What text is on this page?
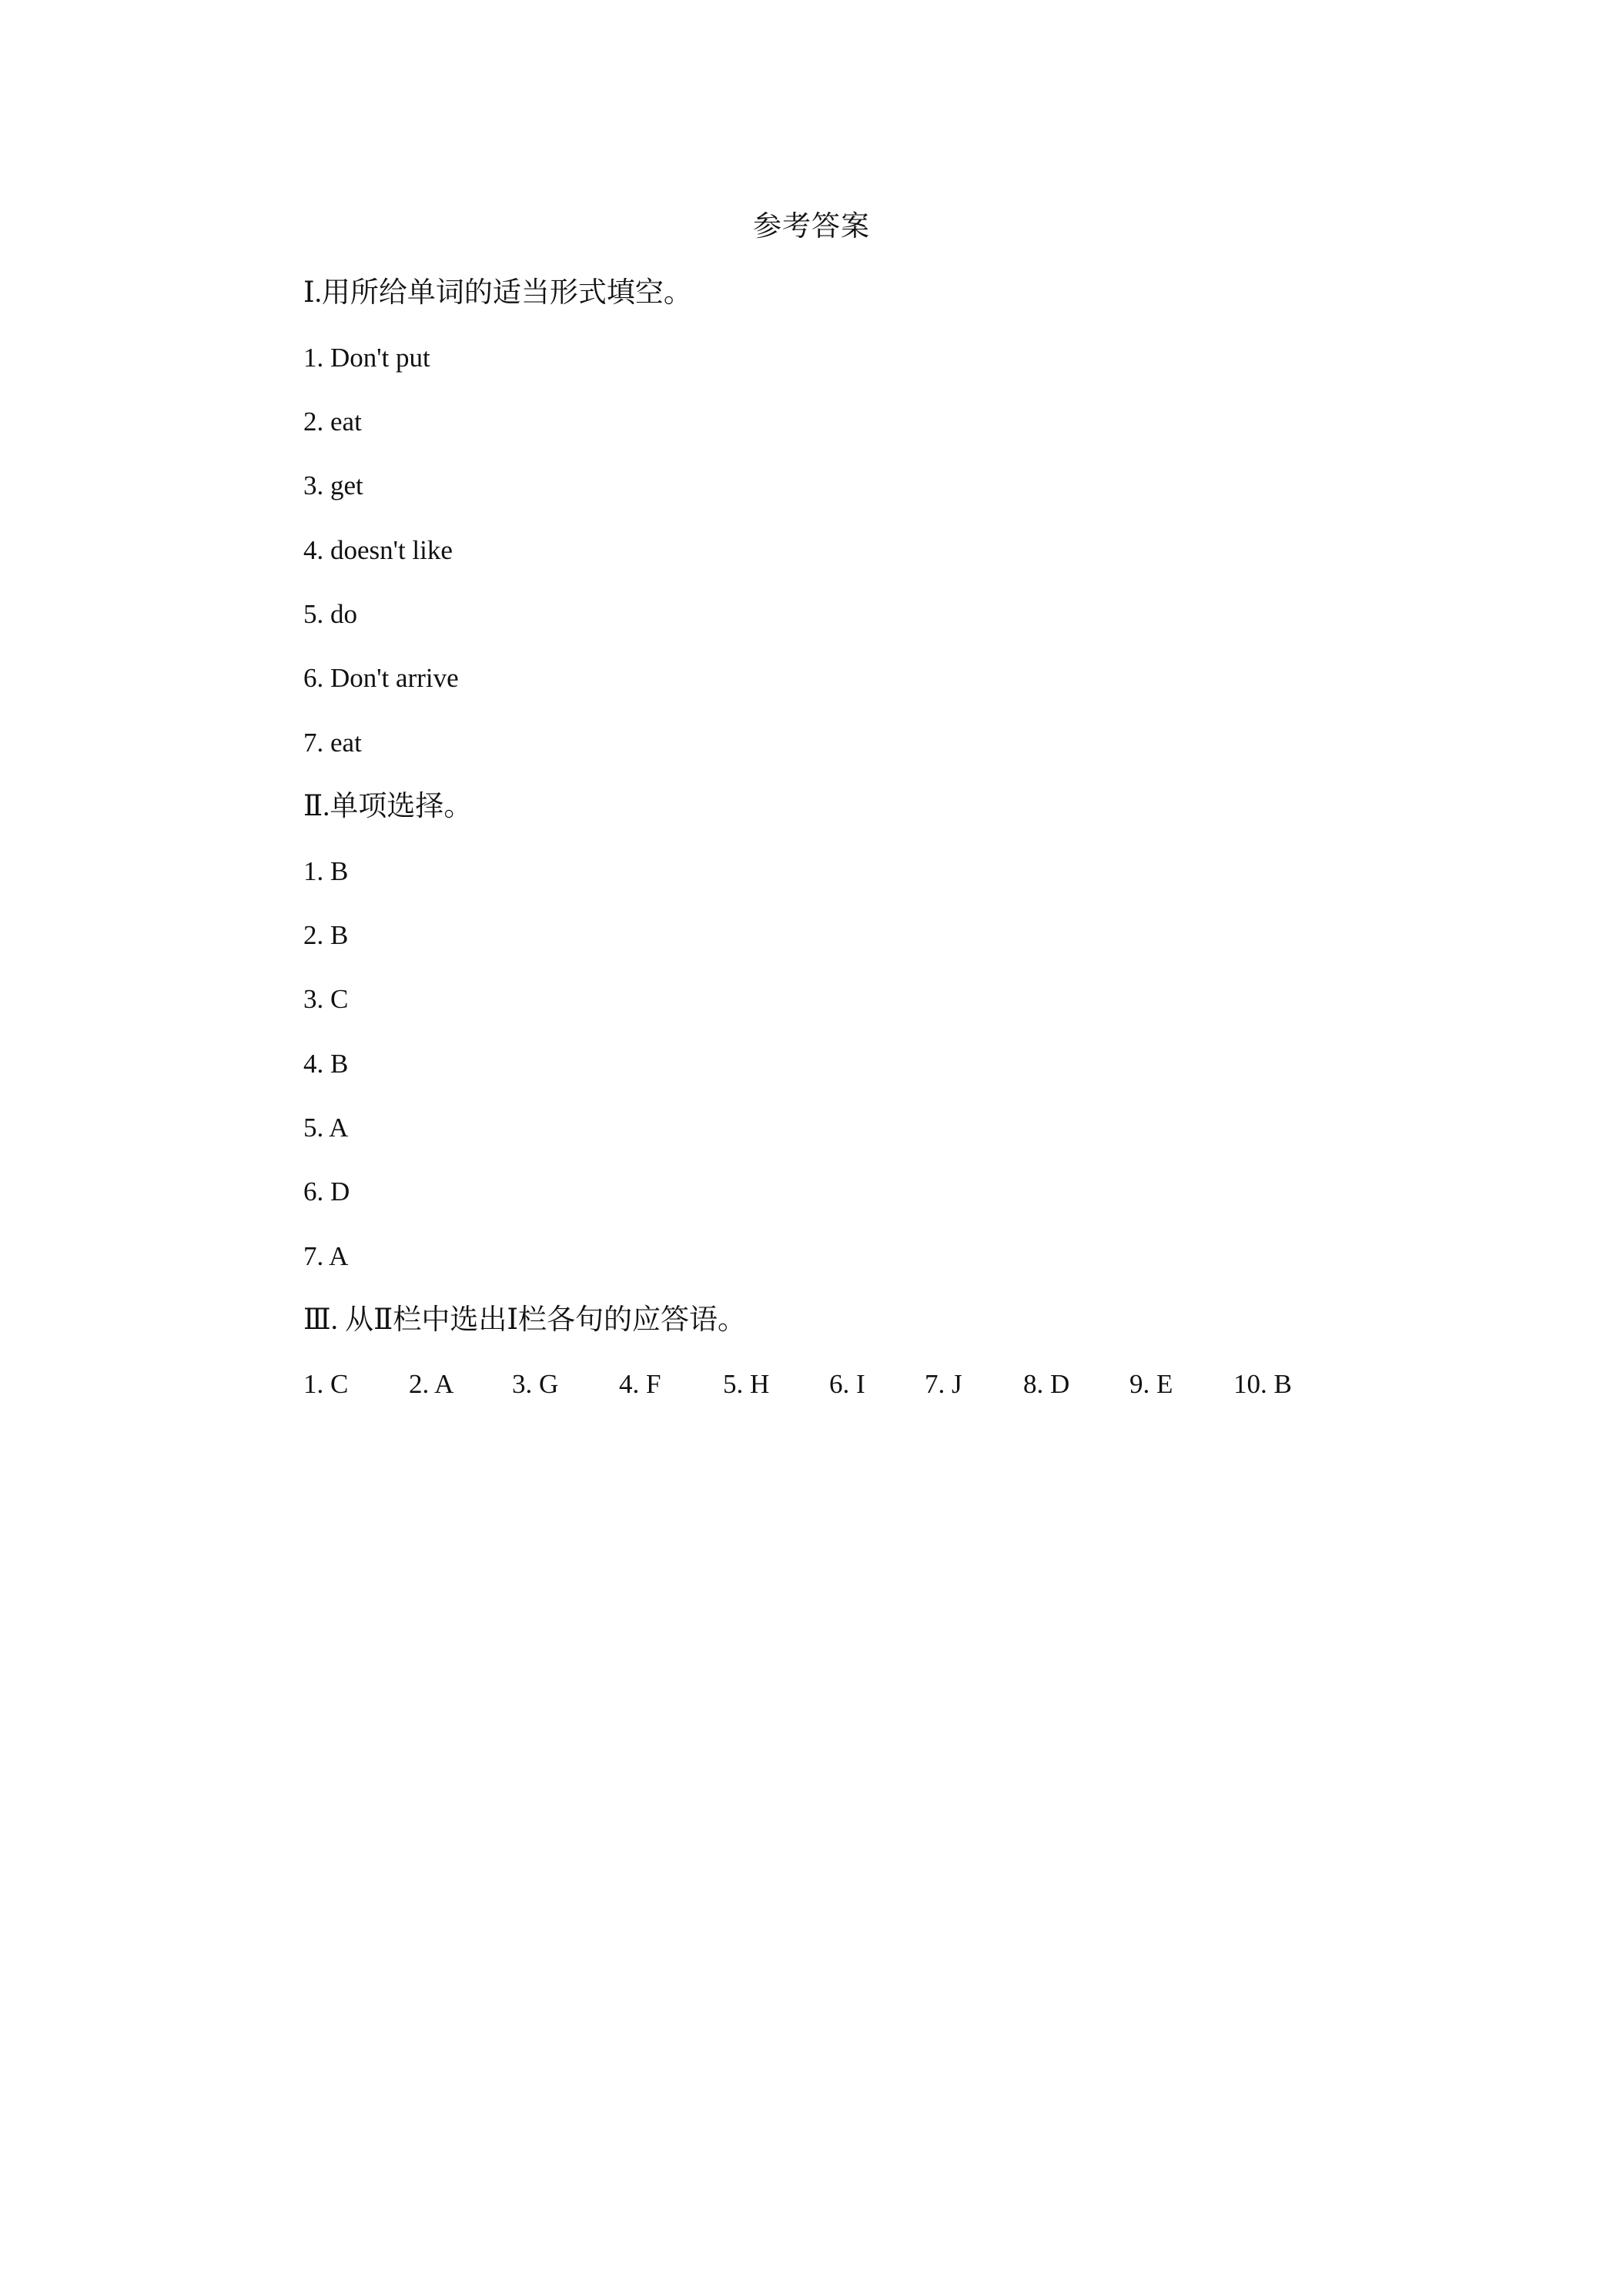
参考答案
Ⅰ.用所给单词的适当形式填空。
1. Don't put
2. eat
3. get
4. doesn't like
5. do
6. Don't arrive
7. eat
Ⅱ.单项选择。
1. B
2. B
3. C
4. B
5. A
6. D
7. A
Ⅲ. 从Ⅱ栏中选出Ⅰ栏各句的应答语。
1. C 2. A 3. G 4. F 5. H 6. I 7. J 8. D 9. E 10. B
